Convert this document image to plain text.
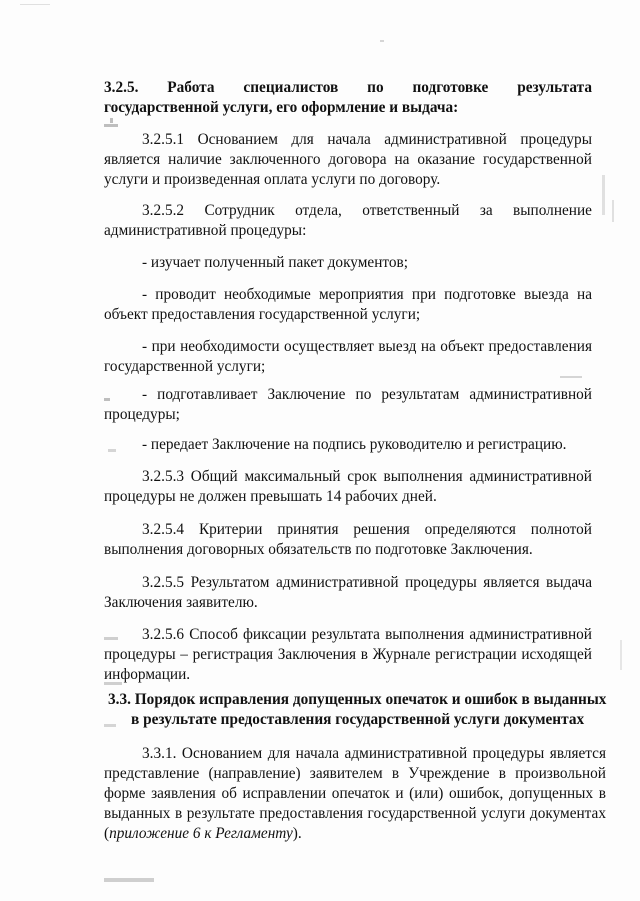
3.2.5. Работа специалистов по подготовке результата
государственной услуги, его оформление и выдача:
3.2.5.1 Основанием для начала административной процедуры является наличие заключенного договора на оказание государственной услуги и произведенная оплата услуги по договору.
3.2.5.2 Сотрудник отдела, ответственный за выполнение
административной процедуры:
- изучает полученный пакет документов;
- проводит необходимые мероприятия при подготовке выезда на объект предоставления государственной услуги;
- при необходимости осуществляет выезд на объект предоставления государственной услуги;
- подготавливает Заключение по результатам административной процедуры;
- передает Заключение на подпись руководителю и регистрацию.
3.2.5.3 Общий максимальный срок выполнения административной процедуры не должен превышать 14 рабочих дней.
3.2.5.4 Критерии принятия решения определяются полнотой выполнения договорных обязательств по подготовке Заключения.
3.2.5.5 Результатом административной процедуры является выдача Заключения заявителю.
3.2.5.6 Способ фиксации результата выполнения административной процедуры – регистрация Заключения в Журнале регистрации исходящей информации.
3.3. Порядок исправления допущенных опечаток и ошибок в выданных
в результате предоставления государственной услуги документах
3.3.1. Основанием для начала административной процедуры является представление (направление) заявителем в Учреждение в произвольной форме заявления об исправлении опечаток и (или) ошибок, допущенных в выданных в результате предоставления государственной услуги документах (приложение 6 к Регламенту).
